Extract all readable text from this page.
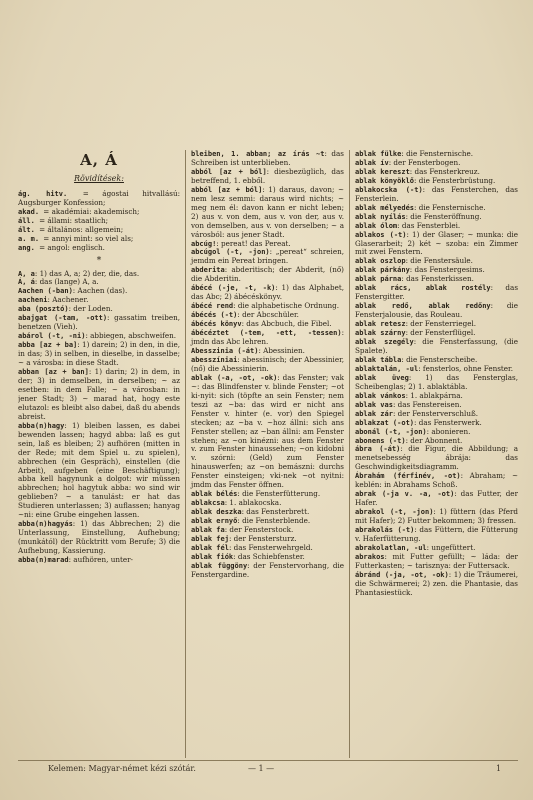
A, Á
Rövidítések:

ág. hitv. = ágostai hitvallású: Augsburger Konfession;

akad. = akadémiai: akademisch;

áll. = állami: staatlich;

ált. = általános: allgemein;

a. m. = annyi mint: so viel als;

ang. = angol: englisch.

*

A, a: 1) das A, a; 2) der, die, das.

Á, á: das (lange) A, a.

Aachen (-ban): Aachen (das).

aacheni: Aachener.

aba (posztó): der Loden.

abajgat (-tam, -ott): gassatim treiben, benetzen (Vieh).

abárol (-t, -ni): abbiegen, abschweifen.

abba [az + ba]: 1) darein; 2) in den, in die, in das; 3) in selben, in dieselbe, in dasselbe; ~ a városba: in diese Stadt.

abban [az + ban]: 1) darin; 2) in dem, in der; 3) in demselben, in derselben; ~ az esetben: in dem Falle; ~ a városban: in jener Stadt; 3) ~ marad hat, hogy este elutazol: es bleibt also dabei, daß du abends abreist.

abba(n)hagy: 1) bleiben lassen, es dabei bewenden lassen; hagyd abba: laß es gut sein, laß es bleiben; 2) aufhören (mitten in der Rede; mit dem Spiel u. zu spielen), abbrechen (ein Gespräch), einstellen (die Arbeit), aufgeben (eine Beschäftigung); abba kell hagynunk a dolgot: wir müssen abbrechen; hol hagytuk abba: wo sind wir geblieben? ~ a tanulást: er hat das Studieren unterlassen; 3) auflassen; hanyag ~ni: eine Grube eingehen lassen.

abba(n)hagyás: 1) das Abbrechen; 2) die Unterlassung, Einstellung, Aufhebung; (munkától) der Rücktritt vom Berufe; 3) die Aufhebung, Kassierung.

abba(n)marad: aufhören, unter-

bleiben, 1. abban; az írás ~t: das Schreiben ist unterblieben.

abból [az + ból]: diesbezüglich, das betreffend, 1. ebből.

abból [az + ból]: 1) daraus, davon; ~ nem lesz semmi: daraus wird nichts; ~ meg nem él: davon kann er nicht leben; 2) aus v. von dem, aus v. von der, aus v. von demselben, aus v. von derselben; ~ a városból: aus jener Stadt.

abcúg!: pereat! das Pereat.

abcúgol (-t, -jon): „pereat“ schreien, jemdm ein Pereat bringen.

abderita: abderitisch; der Abderit, (nő) die Abderitin.

ábécé (-je, -t, -k): 1) das Alphabet, das Abc; 2) ábécéskönyv.

ábécé rend: die alphabetische Ordnung.

ábécés (-t): der Abcschüler.

ábécés könyv: das Abcbuch, die Fibel.

ábécéztet (-tem, -ett, -tessen): jmdn das Abc lehren.

Abesszinia (-át): Abessinien.

abesszíniai: abessinisch; der Abessinier, (nő) die Abessinierin.

ablak (-a, -ot, -ok): das Fenster; vak ~: das Blindfenster v. blinde Fenster; ~ot ki-nyit: sich (töpfte an sein Fenster; nem teszi az ~ba: das wird er nicht ans Fenster v. hinter (e. vor) den Spiegel stecken; az ~ba v. ~hoz állni: sich ans Fenster stellen; az ~ban állni: am Fenster stehen; az ~on kinézni: aus dem Fenster v. zum Fenster hinaussehen; ~on kidobni v. szórni: (Geld) zum Fenster hinauswerfen; az ~on bemászni: durchs Fenster einsteigen; vki-nek ~ot nyitni: jmdm das Fenster öffnen.

ablak bélés: die Fensterfütterung.

ablakcsa: 1. ablakocska.

ablak deszka: das Fensterbrett.

ablak ernyő: die Fensterblende.

ablak fa: der Fensterstock.

ablak fej: der Fenstersturz.

ablak fél: das Fensterwehrgeld.

ablak fiók: das Schiebfenster.

ablak függöny: der Fenstervorhang, die Fenstergardine.

ablak fülke: die Fensternische.

ablak ív: der Fensterbogen.

ablak kereszt: das Fensterkreuz.

ablak könyöklő: die Fensterbrüstung.

ablakocska (-t): das Fensterchen, das Fensterlein.

ablak mélyedés: die Fensternische.

ablak nyílás: die Fensteröffnung.

ablak ólom: das Fensterblei.

ablakos (-t): 1) der Glaser; ~ munka: die Glaserarbeit; 2) két ~ szoba: ein Zimmer mit zwei Fenstern.

ablak oszlop: die Fenstersäule.

ablak párkány: das Fenstergesims.

ablak párna: das Fensterkissen.

ablak rács, ablak rostély: das Fenstergitter.

ablak redő, ablak redőny: die Fensterjalousie, das Rouleau.

ablak retesz: der Fensterriegel.

ablak szárny: der Fensterflügel.

ablak szegély: die Fensterfassung, (die Spalete).

ablak tábla: die Fensterscheibe.

ablaktalán, -ul: fensterlos, ohne Fenster.

ablak üveg: 1) das Fensterglas, Scheibenglas; 2) 1. ablaktábla.

ablak vánkos: 1. ablakpárna.

ablak vas: das Fenstereisen.

ablak zár: der Fensterverschluß.

ablakzat (-ot): das Fensterwerk.

abonál (-t, -jon): abonieren.

abonens (-t): der Abonnent.

ábra (-át): die Figur, die Abbildung; a menetsebesség ábrája: das Geschwindigkeitsdiagramm.

Ábrahám (férfinév, -ot): Abraham; ~ keblén: in Abrahams Schoß.

abrak (-ja v. -a, -ot): das Futter, der Hafer.

abrakol (-t, -jon): 1) füttern (das Pferd mit Hafer); 2) Futter bekommen; 3) fressen.

abrakolás (-t): das Füttern, die Fütterung v. Haferfütterung.

abrakolatlan, -ul: ungefüttert.

abrakos: mit Futter gefüllt; ~ láda: der Futterkasten; ~ tarisznya: der Futtersack.

ábránd (-ja, -ot, -ok): 1) die Träumerei, die Schwärmerei; 2) zen. die Phantasie, das Phantasiestück.

Kelemen: Magyar-német kézi szótár.	— 1 —	1
